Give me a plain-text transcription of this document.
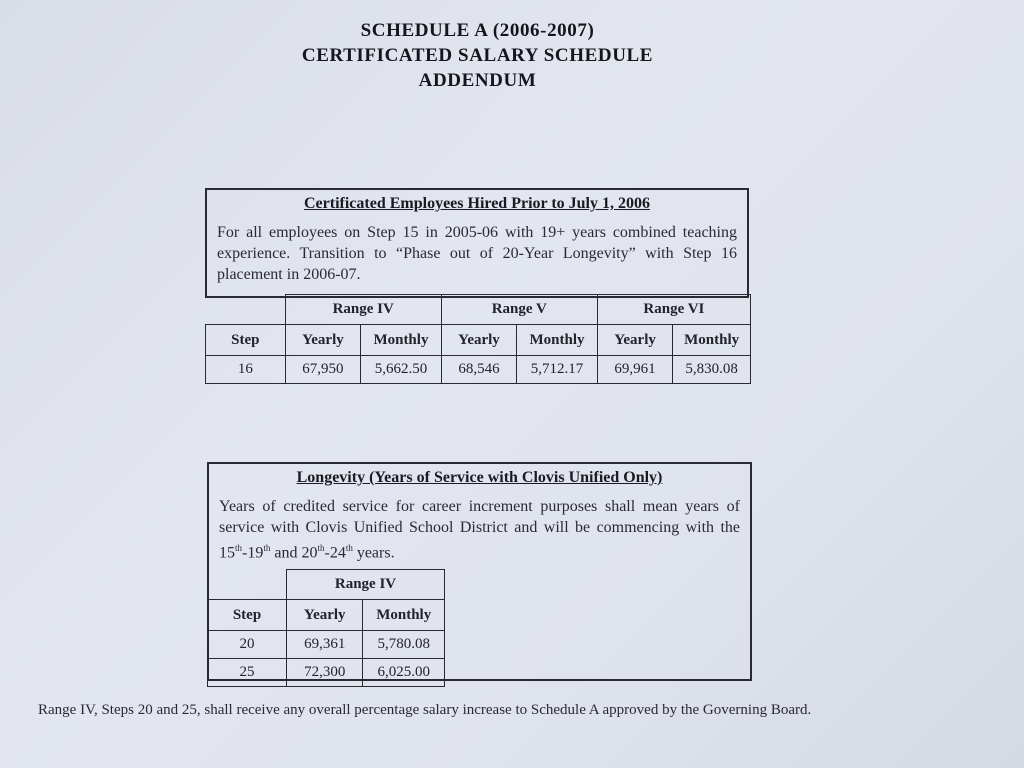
SCHEDULE A (2006-2007)
CERTIFICATED SALARY SCHEDULE
ADDENDUM
Certificated Employees Hired Prior to July 1, 2006
For all employees on Step 15 in 2005-06 with 19+ years combined teaching experience. Transition to “Phase out of 20-Year Longevity” with Step 16 placement in 2006-07.
	Range IV		Range V		Range VI	
Step	Yearly	Monthly	Yearly	Monthly	Yearly	Monthly
16	67,950	5,662.50	68,546	5,712.17	69,961	5,830.08
Longevity (Years of Service with Clovis Unified Only)
Years of credited service for career increment purposes shall mean years of service with Clovis Unified School District and will be commencing with the 15th-19th and 20th-24th years.
	Range IV	
Step	Yearly	Monthly
20	69,361	5,780.08
25	72,300	6,025.00
Range IV, Steps 20 and 25, shall receive any overall percentage salary increase to Schedule A approved by the Governing Board.
